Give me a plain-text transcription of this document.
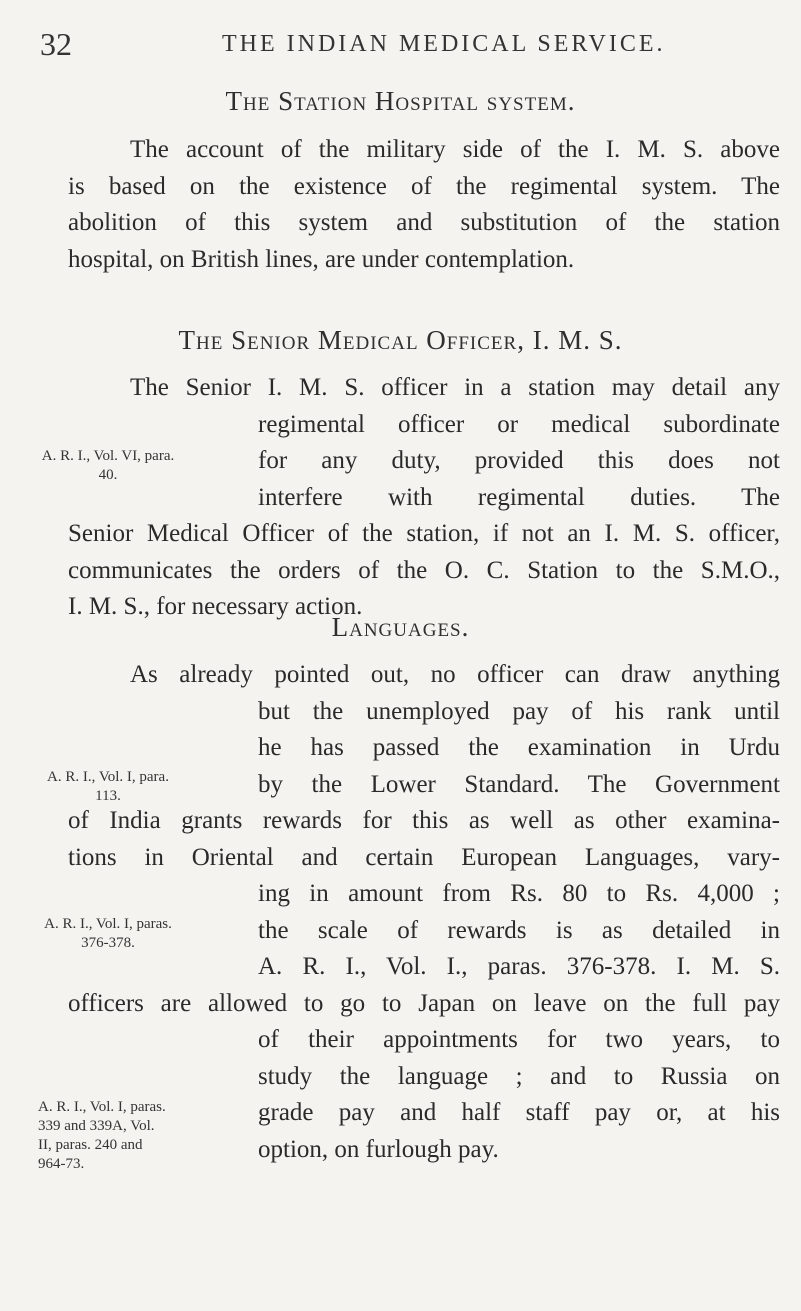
32	THE INDIAN MEDICAL SERVICE.
The Station Hospital system.
The account of the military side of the I. M. S. above
is based on the existence of the regimental system. The
abolition of this system and substitution of the station
hospital, on British lines, are under contemplation.
The Senior Medical Officer, I. M. S.
The Senior I. M. S. officer in a station may detail any
regimental officer or medical subordinate
for any duty, provided this does not
interfere with regimental duties. The
Senior Medical Officer of the station, if not an I. M. S. officer,
communicates the orders of the O. C. Station to the S.M.O.,
I. M. S., for necessary action.
A. R. I., Vol. VI, para. 40.
Languages.
As already pointed out, no officer can draw anything
but the unemployed pay of his rank until
he has passed the examination in Urdu
by the Lower Standard. The Government
of India grants rewards for this as well as other examina-
tions in Oriental and certain European Languages, vary-
ing in amount from Rs. 80 to Rs. 4,000 ;
the scale of rewards is as detailed in
A. R. I., Vol. I., paras. 376-378. I. M. S.
officers are allowed to go to Japan on leave on the full pay
of their appointments for two years, to
study the language ; and to Russia on
grade pay and half staff pay or, at his
option, on furlough pay.
A. R. I., Vol. I, para. 113.
A. R. I., Vol. I, paras. 376-378.
A. R. I., Vol. I, paras. 339 and 339A, Vol. II, paras. 240 and 964-73.
